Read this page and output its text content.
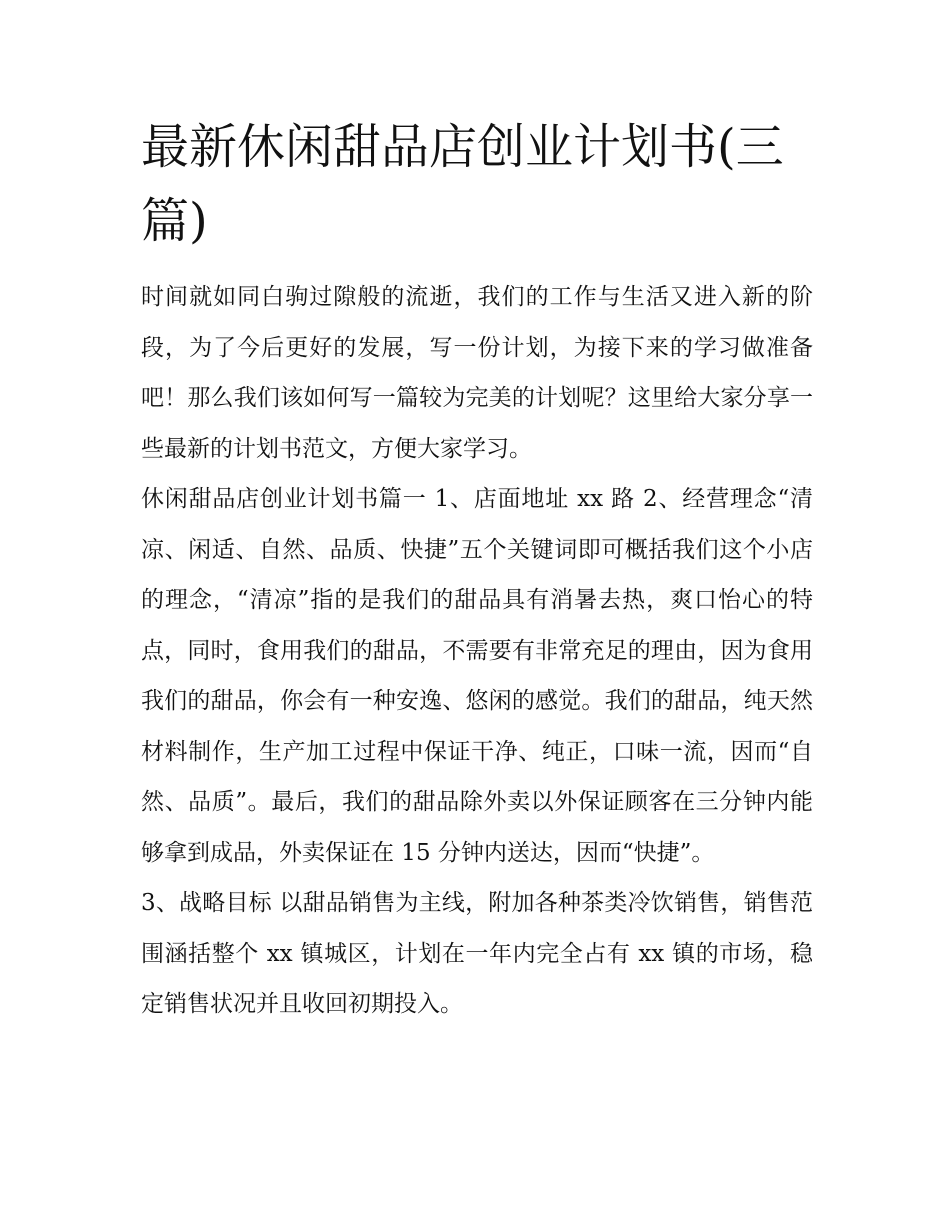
最新休闲甜品店创业计划书(三篇)

时间就如同白驹过隙般的流逝，我们的工作与生活又进入新的阶段，为了今后更好的发展，写一份计划，为接下来的学习做准备吧！那么我们该如何写一篇较为完美的计划呢？这里给大家分享一些最新的计划书范文，方便大家学习。

休闲甜品店创业计划书篇一 1、店面地址 xx 路 2、经营理念“清凉、闲适、自然、品质、快捷”五个关键词即可概括我们这个小店的理念，“清凉”指的是我们的甜品具有消暑去热，爽口怡心的特点，同时，食用我们的甜品，不需要有非常充足的理由，因为食用我们的甜品，你会有一种安逸、悠闲的感觉。我们的甜品，纯天然材料制作，生产加工过程中保证干净、纯正，口味一流，因而“自然、品质”。最后，我们的甜品除外卖以外保证顾客在三分钟内能够拿到成品，外卖保证在 15 分钟内送达，因而“快捷”。

3、战略目标 以甜品销售为主线，附加各种茶类冷饮销售，销售范围涵括整个 xx 镇城区，计划在一年内完全占有 xx 镇的市场，稳定销售状况并且收回初期投入。
